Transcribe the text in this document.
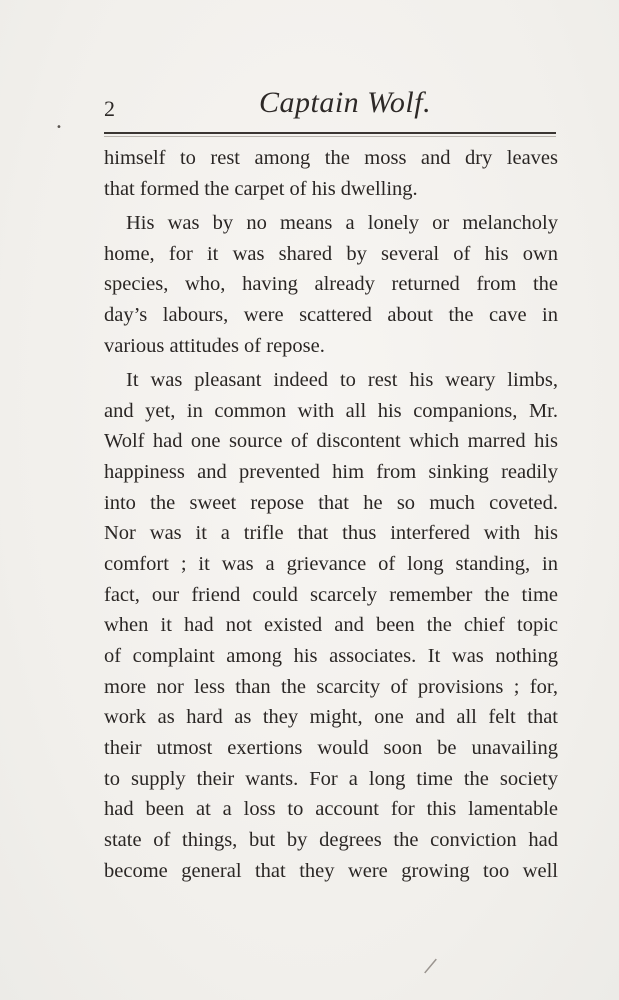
•
2	Captain Wolf.
himself to rest among the moss and dry leaves
that formed the carpet of his dwelling.
His was by no means a lonely or melancholy
home, for it was shared by several of his own
species, who, having already returned from the
day’s labours, were scattered about the cave in
various attitudes of repose.
It was pleasant indeed to rest his weary limbs,
and yet, in common with all his companions, Mr.
Wolf had one source of discontent which marred his
happiness and prevented him from sinking readily
into the sweet repose that he so much coveted.
Nor was it a trifle that thus interfered with his
comfort ; it was a grievance of long standing, in
fact, our friend could scarcely remember the time
when it had not existed and been the chief topic
of complaint among his associates. It was nothing
more nor less than the scarcity of provisions ; for,
work as hard as they might, one and all felt that
their utmost exertions would soon be unavailing
to supply their wants. For a long time the society
had been at a loss to account for this lamentable
state of things, but by degrees the conviction had
become general that they were growing too well
|
